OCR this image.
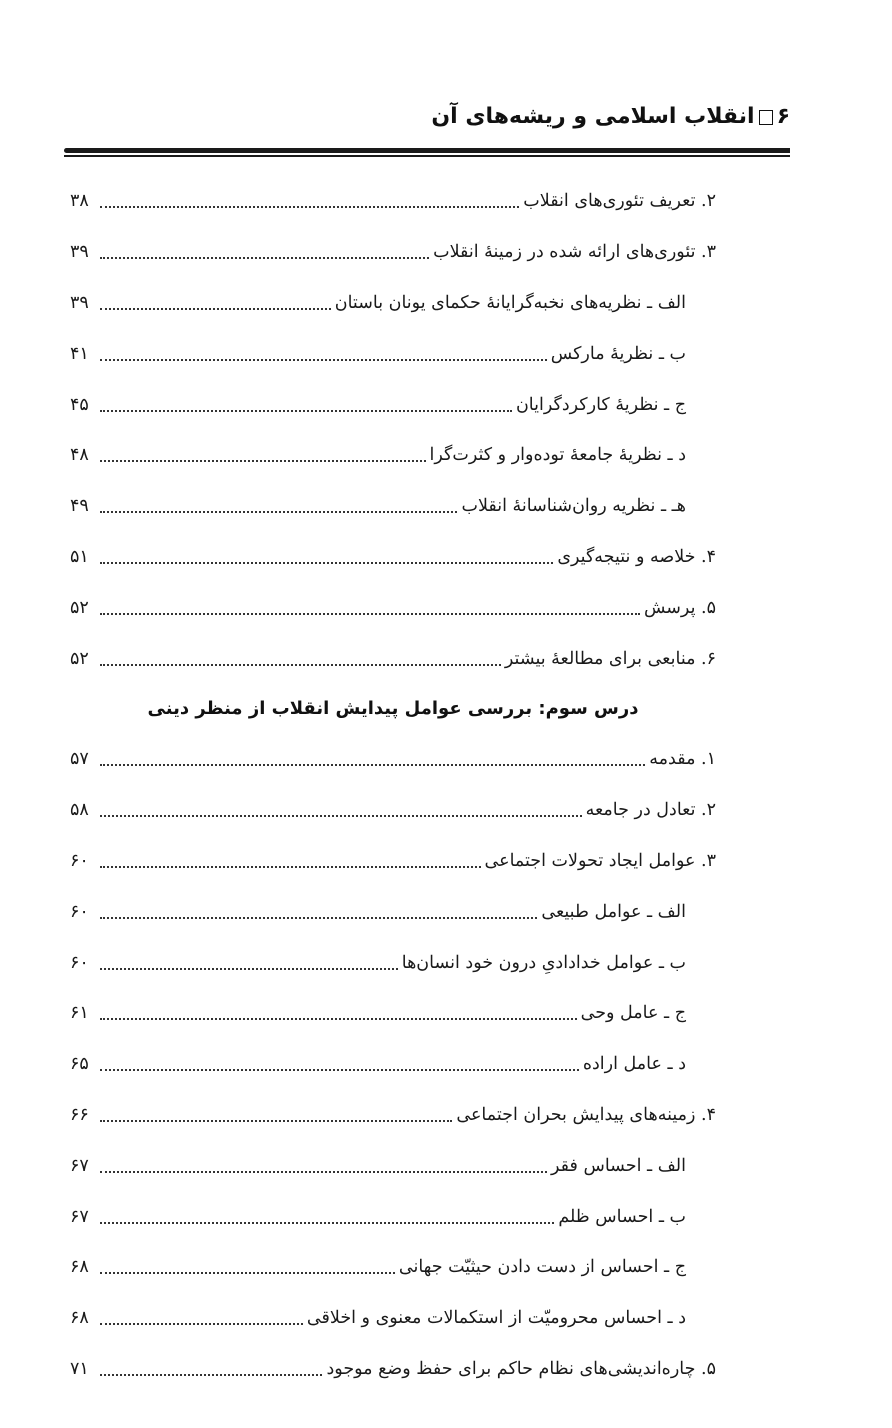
۶انقلاب اسلامی و ریشه‌های آن
۲. تعریف تئوری‌های انقلاب
۳۸
۳. تئوری‌های ارائه شده در زمینهٔ انقلاب
۳۹
الف ـ نظریه‌های نخبه‌گرایانهٔ حکمای یونان باستان
۳۹
ب ـ نظریهٔ مارکس
۴۱
ج ـ نظریهٔ کارکردگرایان
۴۵
د ـ نظریهٔ جامعهٔ توده‌وار و کثرت‌گرا
۴۸
هـ ـ نظریه روان‌شناسانهٔ انقلاب
۴۹
۴. خلاصه و نتیجه‌گیری
۵۱
۵. پرسش
۵۲
۶. منابعی برای مطالعهٔ بیشتر
۵۲
درس سوم: بررسی عوامل پیدایش انقلاب از منظر دینی
۱. مقدمه
۵۷
۲. تعادل در جامعه
۵۸
۳. عوامل ایجاد تحولات اجتماعی
۶۰
الف ـ عوامل طبیعی
۶۰
ب ـ عوامل خدادادیِ درون خود انسان‌ها
۶۰
ج ـ عامل وحی
۶۱
د ـ عامل اراده
۶۵
۴. زمینه‌های پیدایش بحران اجتماعی
۶۶
الف ـ احساس فقر
۶۷
ب ـ احساس ظلم
۶۷
ج ـ احساس از دست دادن حیثیّت جهانی
۶۸
د ـ احساس محرومیّت از استکمالات معنوی و اخلاقی
۶۸
۵. چاره‌اندیشی‌های نظام حاکم برای حفظ وضع موجود
۷۱
